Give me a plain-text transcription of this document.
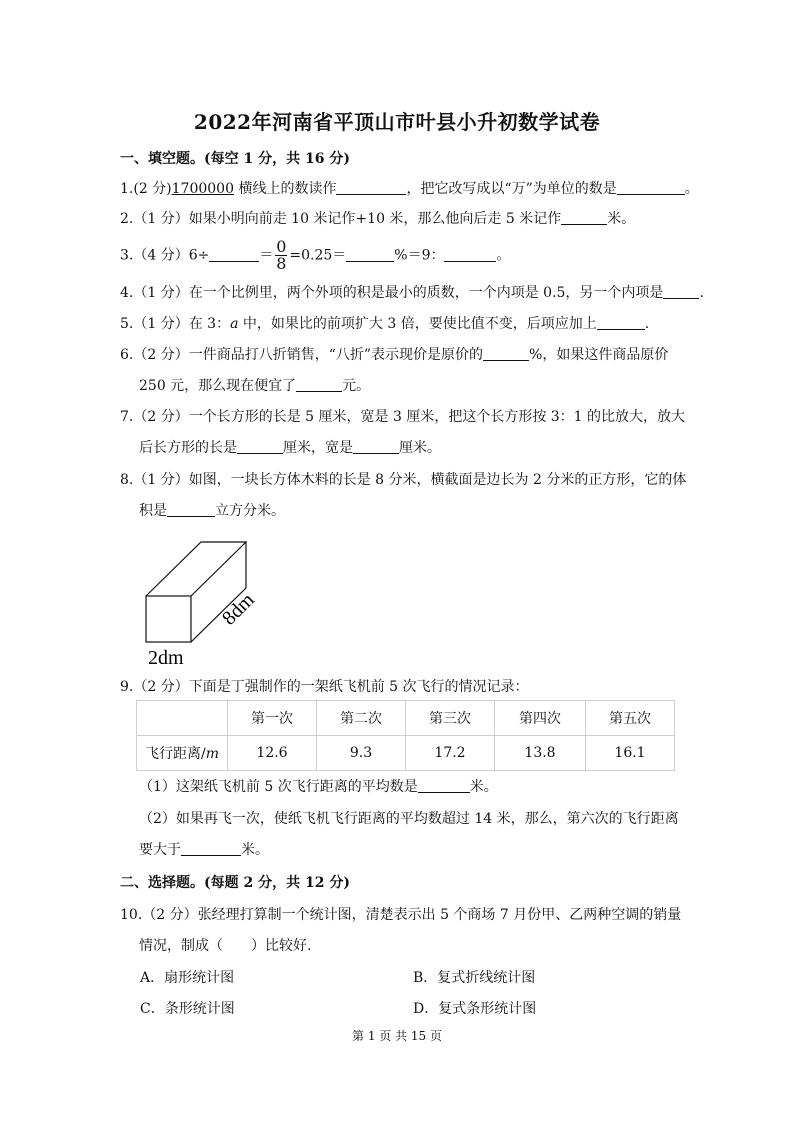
2022年河南省平顶山市叶县小升初数学试卷
一、填空题。(每空 1 分，共 16 分)
1.(2 分)1700000 横线上的数读作	，把它改写成以“万”为单位的数是	。
2.（1 分）如果小明向前走 10 米记作+10 米，那么他向后走 5 米记作	米。
3.（4 分）6÷	＝ $\frac{0}{8} =0.25=$	%＝9：	。
4.（1 分）在一个比例里，两个外项的积是最小的质数，一个内项是 0.5，另一个内项是	.
5.（1 分）在 3：a 中，如果比的前项扩大 3 倍，要使比值不变，后项应加上	.
6.（2 分）一件商品打八折销售，“八折”表示现价是原价的	%，如果这件商品原价
250 元，那么现在便宜了	元。
7.（2 分）一个长方形的长是 5 厘米，宽是 3 厘米，把这个长方形按 3：1 的比放大，放大
后长方形的长是	厘米，宽是	厘米。
8.（1 分）如图，一块长方体木料的长是 8 分米，横截面是边长为 2 分米的正方形，它的体
积是	立方分米。
8dm
2dm
9.（2 分）下面是丁强制作的一架纸飞机前 5 次飞行的情况记录：
	第一次	第二次	第三次	第四次	第五次
飞行距离/m	12.6	9.3	17.2	13.8	16.1
（1）这架纸飞机前 5 次飞行距离的平均数是	米。
（2）如果再飞一次，使纸飞机飞行距离的平均数超过 14 米，那么，第六次的飞行距离
要大于	米。
二、选择题。(每题 2 分，共 12 分)
10.（2 分）张经理打算制一个统计图，清楚表示出 5 个商场 7 月份甲、乙两种空调的销量
情况，制成（　　）比较好.
A．扇形统计图	B．复式折线统计图
C．条形统计图	D．复式条形统计图
第 1 页 共 15 页
